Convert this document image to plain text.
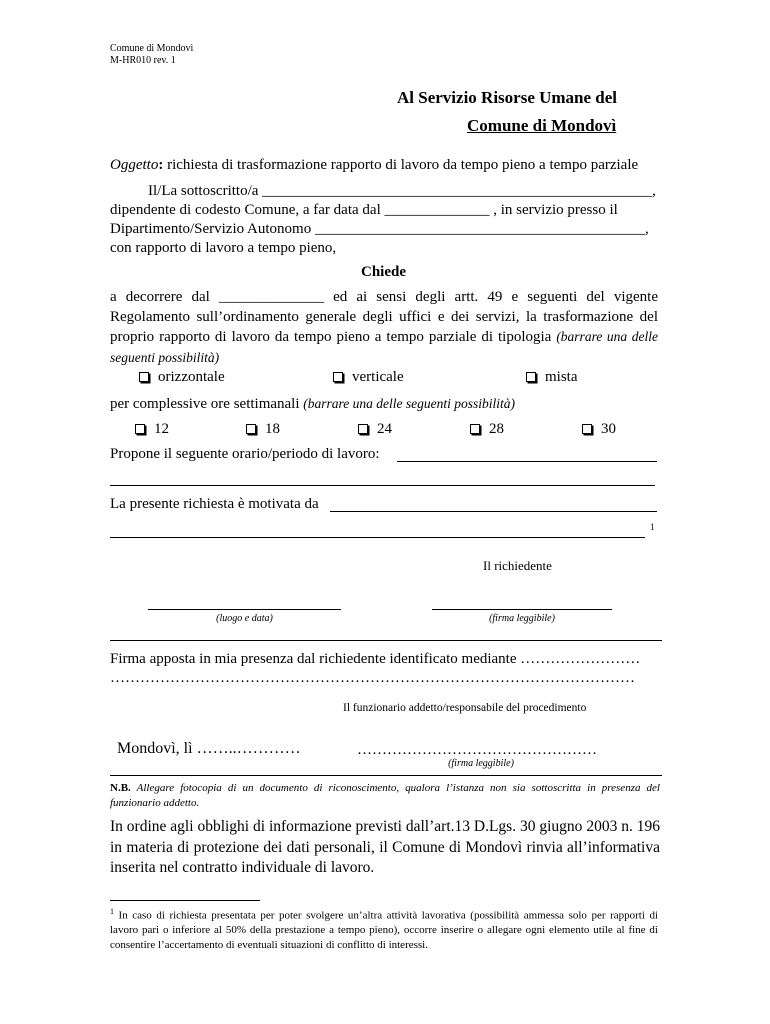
Comune di Mondovì
M-HR010 rev. 1
Al Servizio Risorse Umane del
Comune di Mondovì
Oggetto: richiesta di trasformazione rapporto di lavoro da tempo pieno a tempo parziale
Il/La sottoscritto/a ____________________________________________________,
dipendente di codesto Comune, a far data dal ______________ , in servizio presso il
Dipartimento/Servizio Autonomo ____________________________________________,
con rapporto di lavoro a tempo pieno,
Chiede
a decorrere dal ______________ ed ai sensi degli artt. 49 e seguenti del vigente Regolamento sull’ordinamento generale degli uffici e dei servizi, la trasformazione del proprio rapporto di lavoro da tempo pieno a tempo parziale di tipologia (barrare una delle seguenti possibilità)
orizzontale	verticale	mista
per complessive ore settimanali (barrare una delle seguenti possibilità)
12	18	24	28	30
Propone il seguente orario/periodo di lavoro:
La presente richiesta è motivata da
1
Il richiedente
(luogo e data)	(firma leggibile)
Firma apposta in mia presenza dal richiedente identificato mediante ……………………
……………………………………………………………………………………………
Il funzionario addetto/responsabile del procedimento
Mondovì, lì ……..…………	…………………………………………
(firma leggibile)
N.B. Allegare fotocopia di un documento di riconoscimento, qualora l’istanza non sia sottoscritta in presenza del funzionario addetto.
In ordine agli obblighi di informazione previsti dall’art.13 D.Lgs. 30 giugno 2003 n. 196 in materia di protezione dei dati personali, il Comune di Mondovì rinvia all’informativa inserita nel contratto individuale di lavoro.
$^1$ In caso di richiesta presentata per poter svolgere un’altra attività lavorativa (possibilità ammessa solo per rapporti di lavoro pari o inferiore al 50% della prestazione a tempo pieno), occorre inserire o allegare ogni elemento utile al fine di consentire l’accertamento di eventuali situazioni di conflitto di interessi.
